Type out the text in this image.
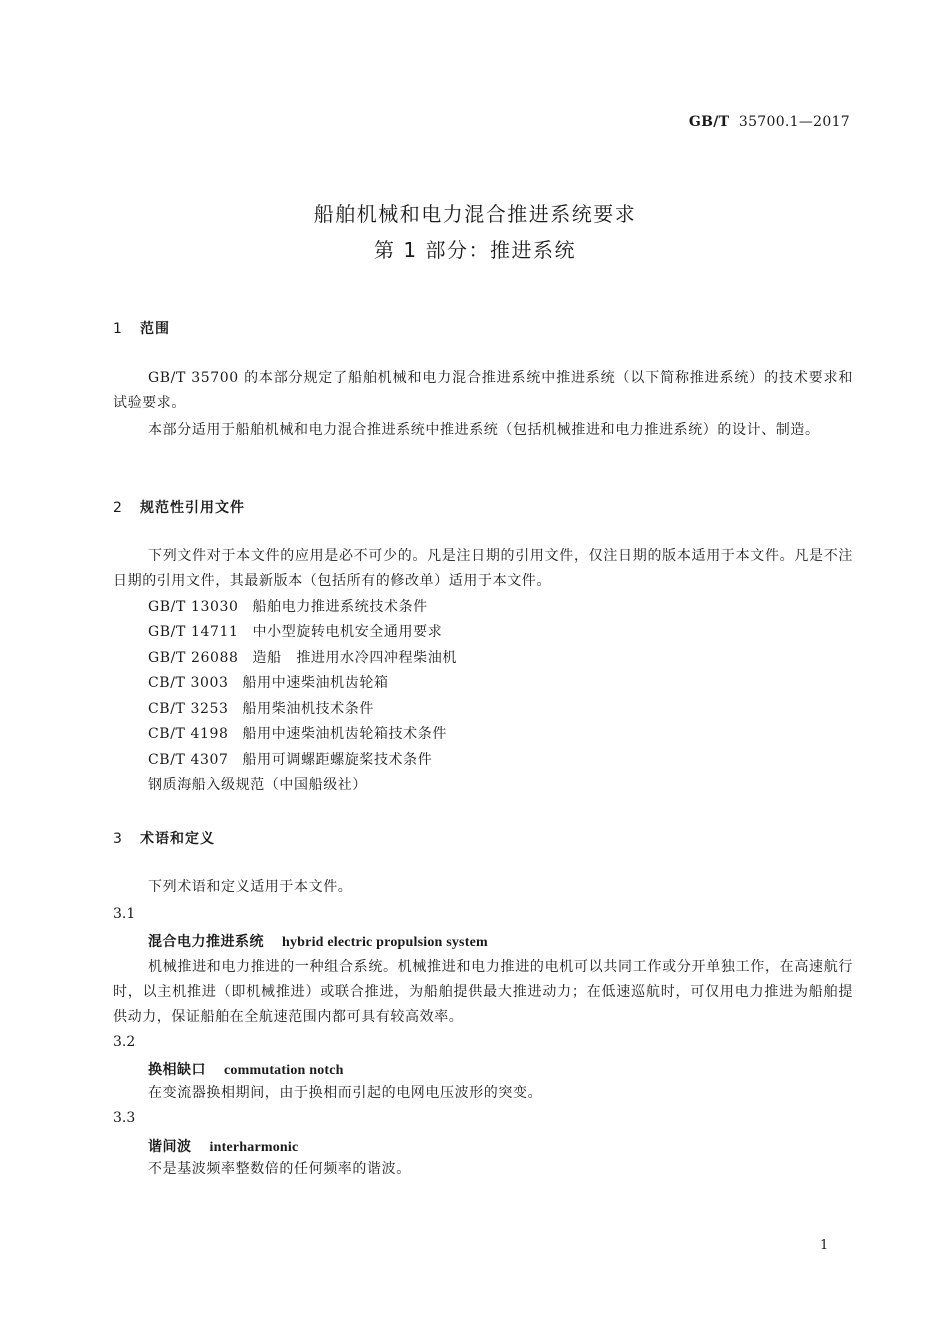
GB/T 35700.1—2017
船舶机械和电力混合推进系统要求
第 1 部分：推进系统
1 范围
GB/T 35700 的本部分规定了船舶机械和电力混合推进系统中推进系统（以下简称推进系统）的技术要求和试验要求。
本部分适用于船舶机械和电力混合推进系统中推进系统（包括机械推进和电力推进系统）的设计、制造。
2 规范性引用文件
下列文件对于本文件的应用是必不可少的。凡是注日期的引用文件，仅注日期的版本适用于本文件。凡是不注日期的引用文件，其最新版本（包括所有的修改单）适用于本文件。
GB/T 13030 船舶电力推进系统技术条件
GB/T 14711 中小型旋转电机安全通用要求
GB/T 26088 造船　推进用水冷四冲程柴油机
CB/T 3003 船用中速柴油机齿轮箱
CB/T 3253 船用柴油机技术条件
CB/T 4198 船用中速柴油机齿轮箱技术条件
CB/T 4307 船用可调螺距螺旋桨技术条件
钢质海船入级规范（中国船级社）
3 术语和定义
下列术语和定义适用于本文件。
3.1
混合电力推进系统 hybrid electric propulsion system
机械推进和电力推进的一种组合系统。机械推进和电力推进的电机可以共同工作或分开单独工作，在高速航行时，以主机推进（即机械推进）或联合推进，为船舶提供最大推进动力；在低速巡航时，可仅用电力推进为船舶提供动力，保证船舶在全航速范围内都可具有较高效率。
3.2
换相缺口 commutation notch
在变流器换相期间，由于换相而引起的电网电压波形的突变。
3.3
谐间波 interharmonic
不是基波频率整数倍的任何频率的谐波。
1
